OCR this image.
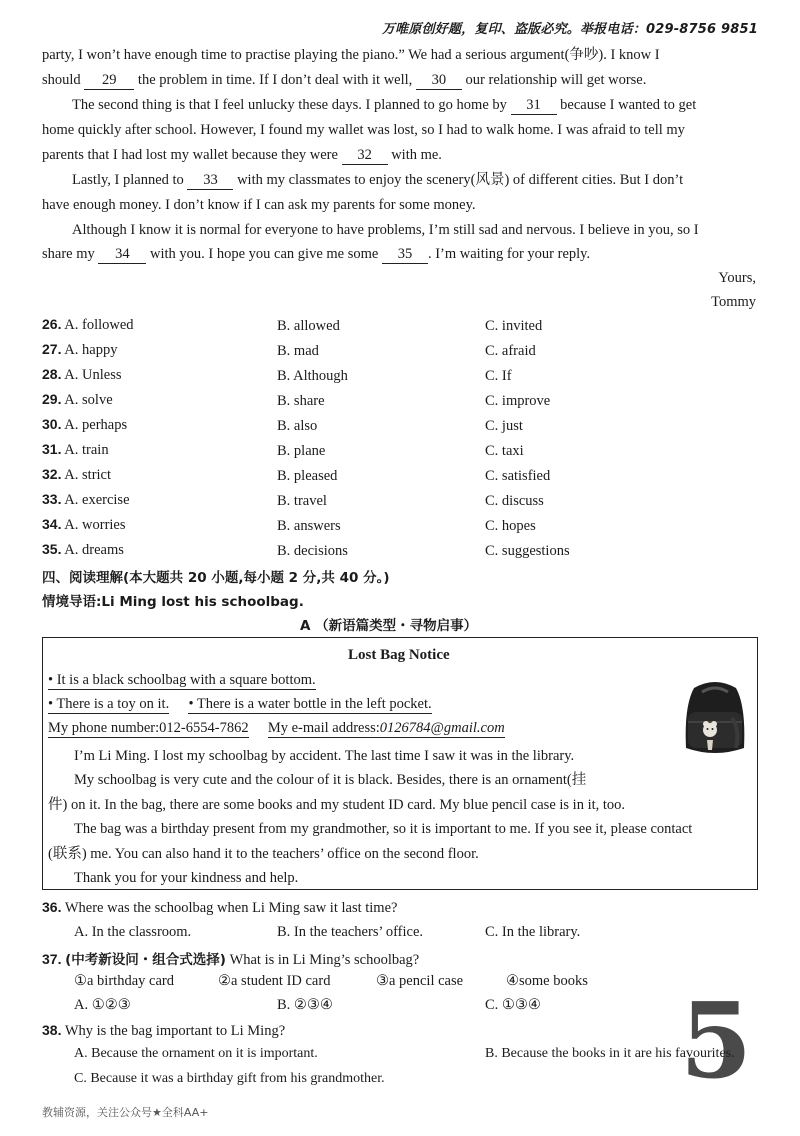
万唯原创好题，复印、盗版必究。举报电话：029-8756 9851
party, I won’t have enough time to practise playing the piano.” We had a serious argument(争吵). I know I
should 29 the problem in time. If I don’t deal with it well, 30 our relationship will get worse.
The second thing is that I feel unlucky these days. I planned to go home by 31 because I wanted to get
home quickly after school. However, I found my wallet was lost, so I had to walk home. I was afraid to tell my
parents that I had lost my wallet because they were 32 with me.
Lastly, I planned to 33 with my classmates to enjoy the scenery(风景) of different cities. But I don’t
have enough money. I don’t know if I can ask my parents for some money.
Although I know it is normal for everyone to have problems, I’m still sad and nervous. I believe in you, so I
share my 34 with you. I hope you can give me some 35 . I’m waiting for your reply.
Yours,
Tommy
26. A. followed	B. allowed	C. invited
27. A. happy	B. mad	C. afraid
28. A. Unless	B. Although	C. If
29. A. solve	B. share	C. improve
30. A. perhaps	B. also	C. just
31. A. train	B. plane	C. taxi
32. A. strict	B. pleased	C. satisfied
33. A. exercise	B. travel	C. discuss
34. A. worries	B. answers	C. hopes
35. A. dreams	B. decisions	C. suggestions
四、阅读理解(本大题共 20 小题,每小题 2 分,共 40 分。)
情境导语:Li Ming lost his schoolbag.
A （新语篇类型・寻物启事）
Lost Bag Notice
• It is a black schoolbag with a square bottom.
• There is a toy on it. • There is a water bottle in the left pocket.
My phone number:012-6554-7862 My e-mail address:0126784@gmail.com
I’m Li Ming. I lost my schoolbag by accident. The last time I saw it was in the library.
My schoolbag is very cute and the colour of it is black. Besides, there is an ornament(挂
件) on it. In the bag, there are some books and my student ID card. My blue pencil case is in it, too.
The bag was a birthday present from my grandmother, so it is important to me. If you see it, please contact
(联系) me. You can also hand it to the teachers’ office on the second floor.
Thank you for your kindness and help.
36. Where was the schoolbag when Li Ming saw it last time?
A. In the classroom.	B. In the teachers’ office.	C. In the library.
37. (中考新设问・组合式选择) What is in Li Ming’s schoolbag?
①a birthday card	②a student ID card	③a pencil case	④some books
A. ①②③	B. ②③④	C. ①③④ 5
38. Why is the bag important to Li Ming?
A. Because the ornament on it is important.	B. Because the books in it are his favourites.
C. Because it was a birthday gift from his grandmother.
教辅资源，关注公众号★全科AA+
